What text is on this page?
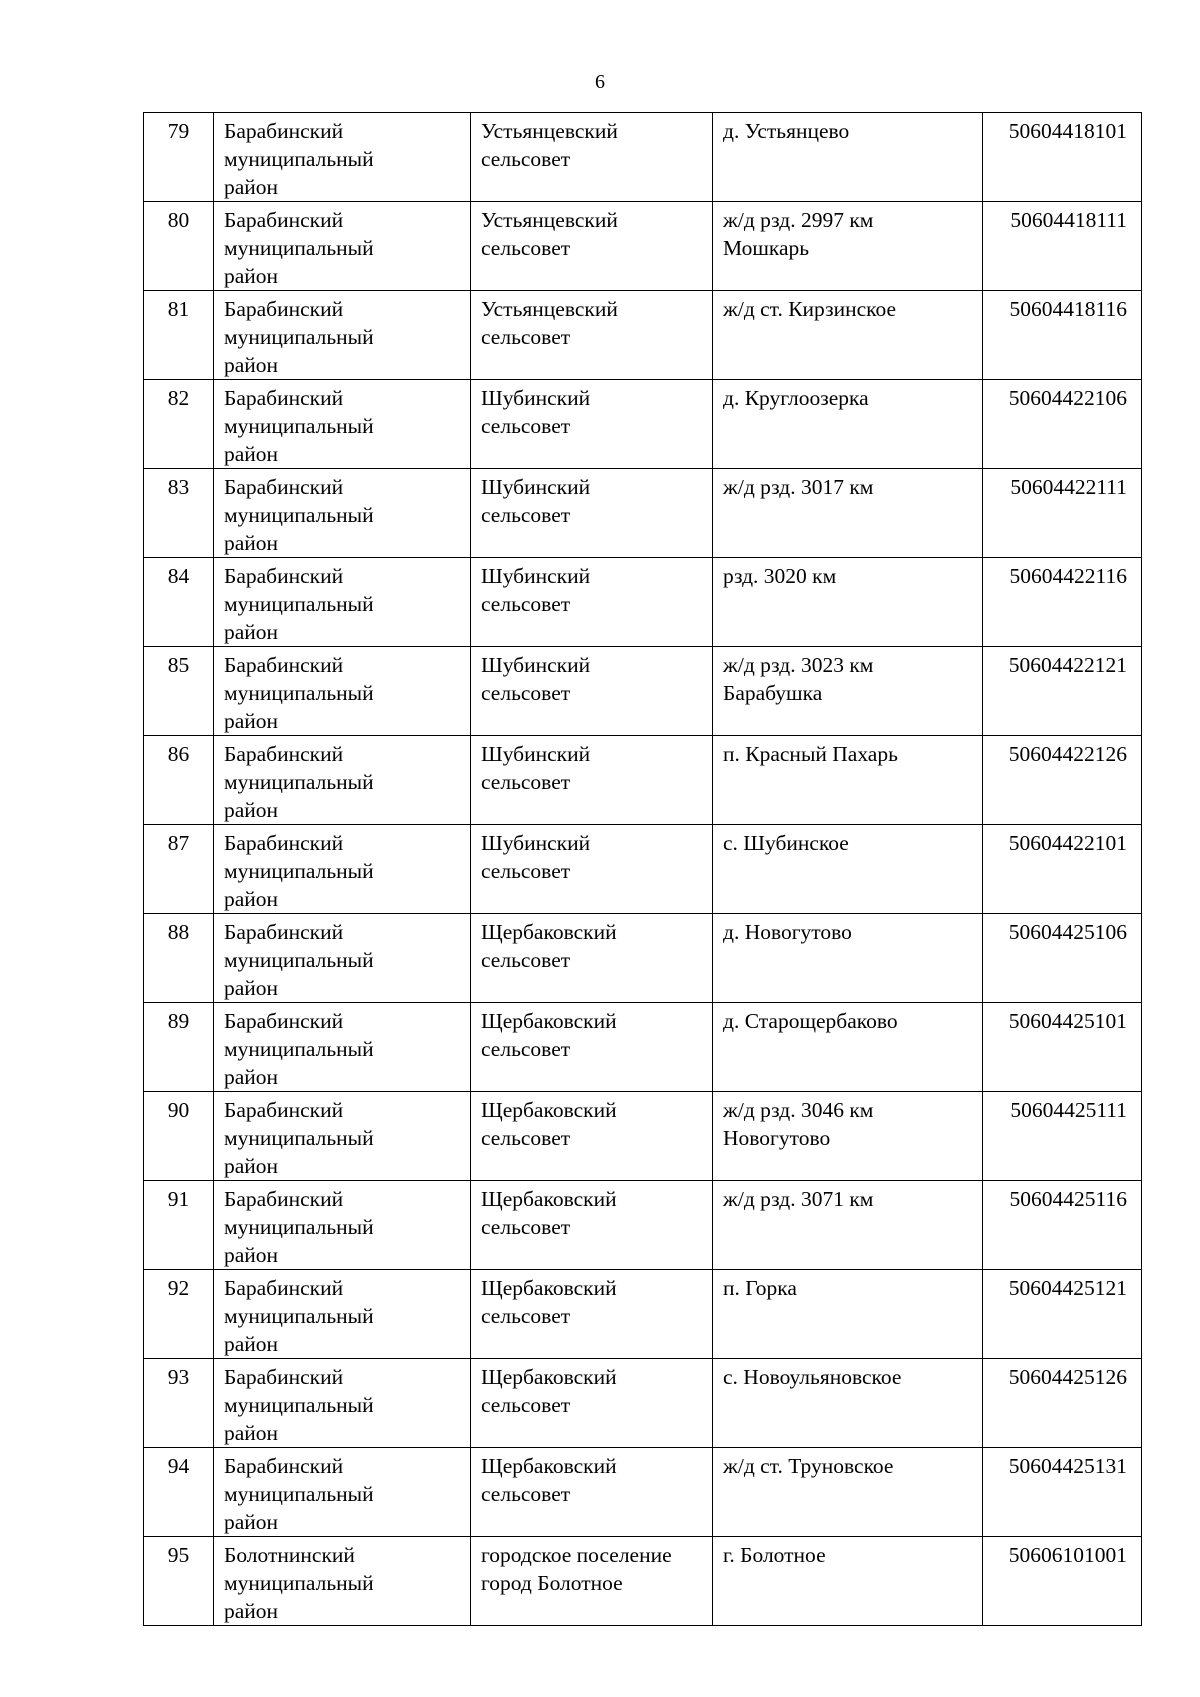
6
79	Барабинский
муниципальный
район	Устьянцевский
сельсовет	д. Устьянцево	50604418101

80	Барабинский
муниципальный
район	Устьянцевский
сельсовет	ж/д рзд. 2997 км
Мошкарь	50604418111

81	Барабинский
муниципальный
район	Устьянцевский
сельсовет	ж/д ст. Кирзинское	50604418116

82	Барабинский
муниципальный
район	Шубинский
сельсовет	д. Круглоозерка	50604422106

83	Барабинский
муниципальный
район	Шубинский
сельсовет	ж/д рзд. 3017 км	50604422111

84	Барабинский
муниципальный
район	Шубинский
сельсовет	рзд. 3020 км	50604422116

85	Барабинский
муниципальный
район	Шубинский
сельсовет	ж/д рзд. 3023 км
Барабушка	50604422121

86	Барабинский
муниципальный
район	Шубинский
сельсовет	п. Красный Пахарь	50604422126

87	Барабинский
муниципальный
район	Шубинский
сельсовет	с. Шубинское	50604422101

88	Барабинский
муниципальный
район	Щербаковский
сельсовет	д. Новогутово	50604425106

89	Барабинский
муниципальный
район	Щербаковский
сельсовет	д. Старощербаково	50604425101

90	Барабинский
муниципальный
район	Щербаковский
сельсовет	ж/д рзд. 3046 км
Новогутово	50604425111

91	Барабинский
муниципальный
район	Щербаковский
сельсовет	ж/д рзд. 3071 км	50604425116

92	Барабинский
муниципальный
район	Щербаковский
сельсовет	п. Горка	50604425121

93	Барабинский
муниципальный
район	Щербаковский
сельсовет	с. Новоульяновское	50604425126

94	Барабинский
муниципальный
район	Щербаковский
сельсовет	ж/д ст. Труновское	50604425131

95	Болотнинский
муниципальный
район	городское поселение
город Болотное	г. Болотное	50606101001
